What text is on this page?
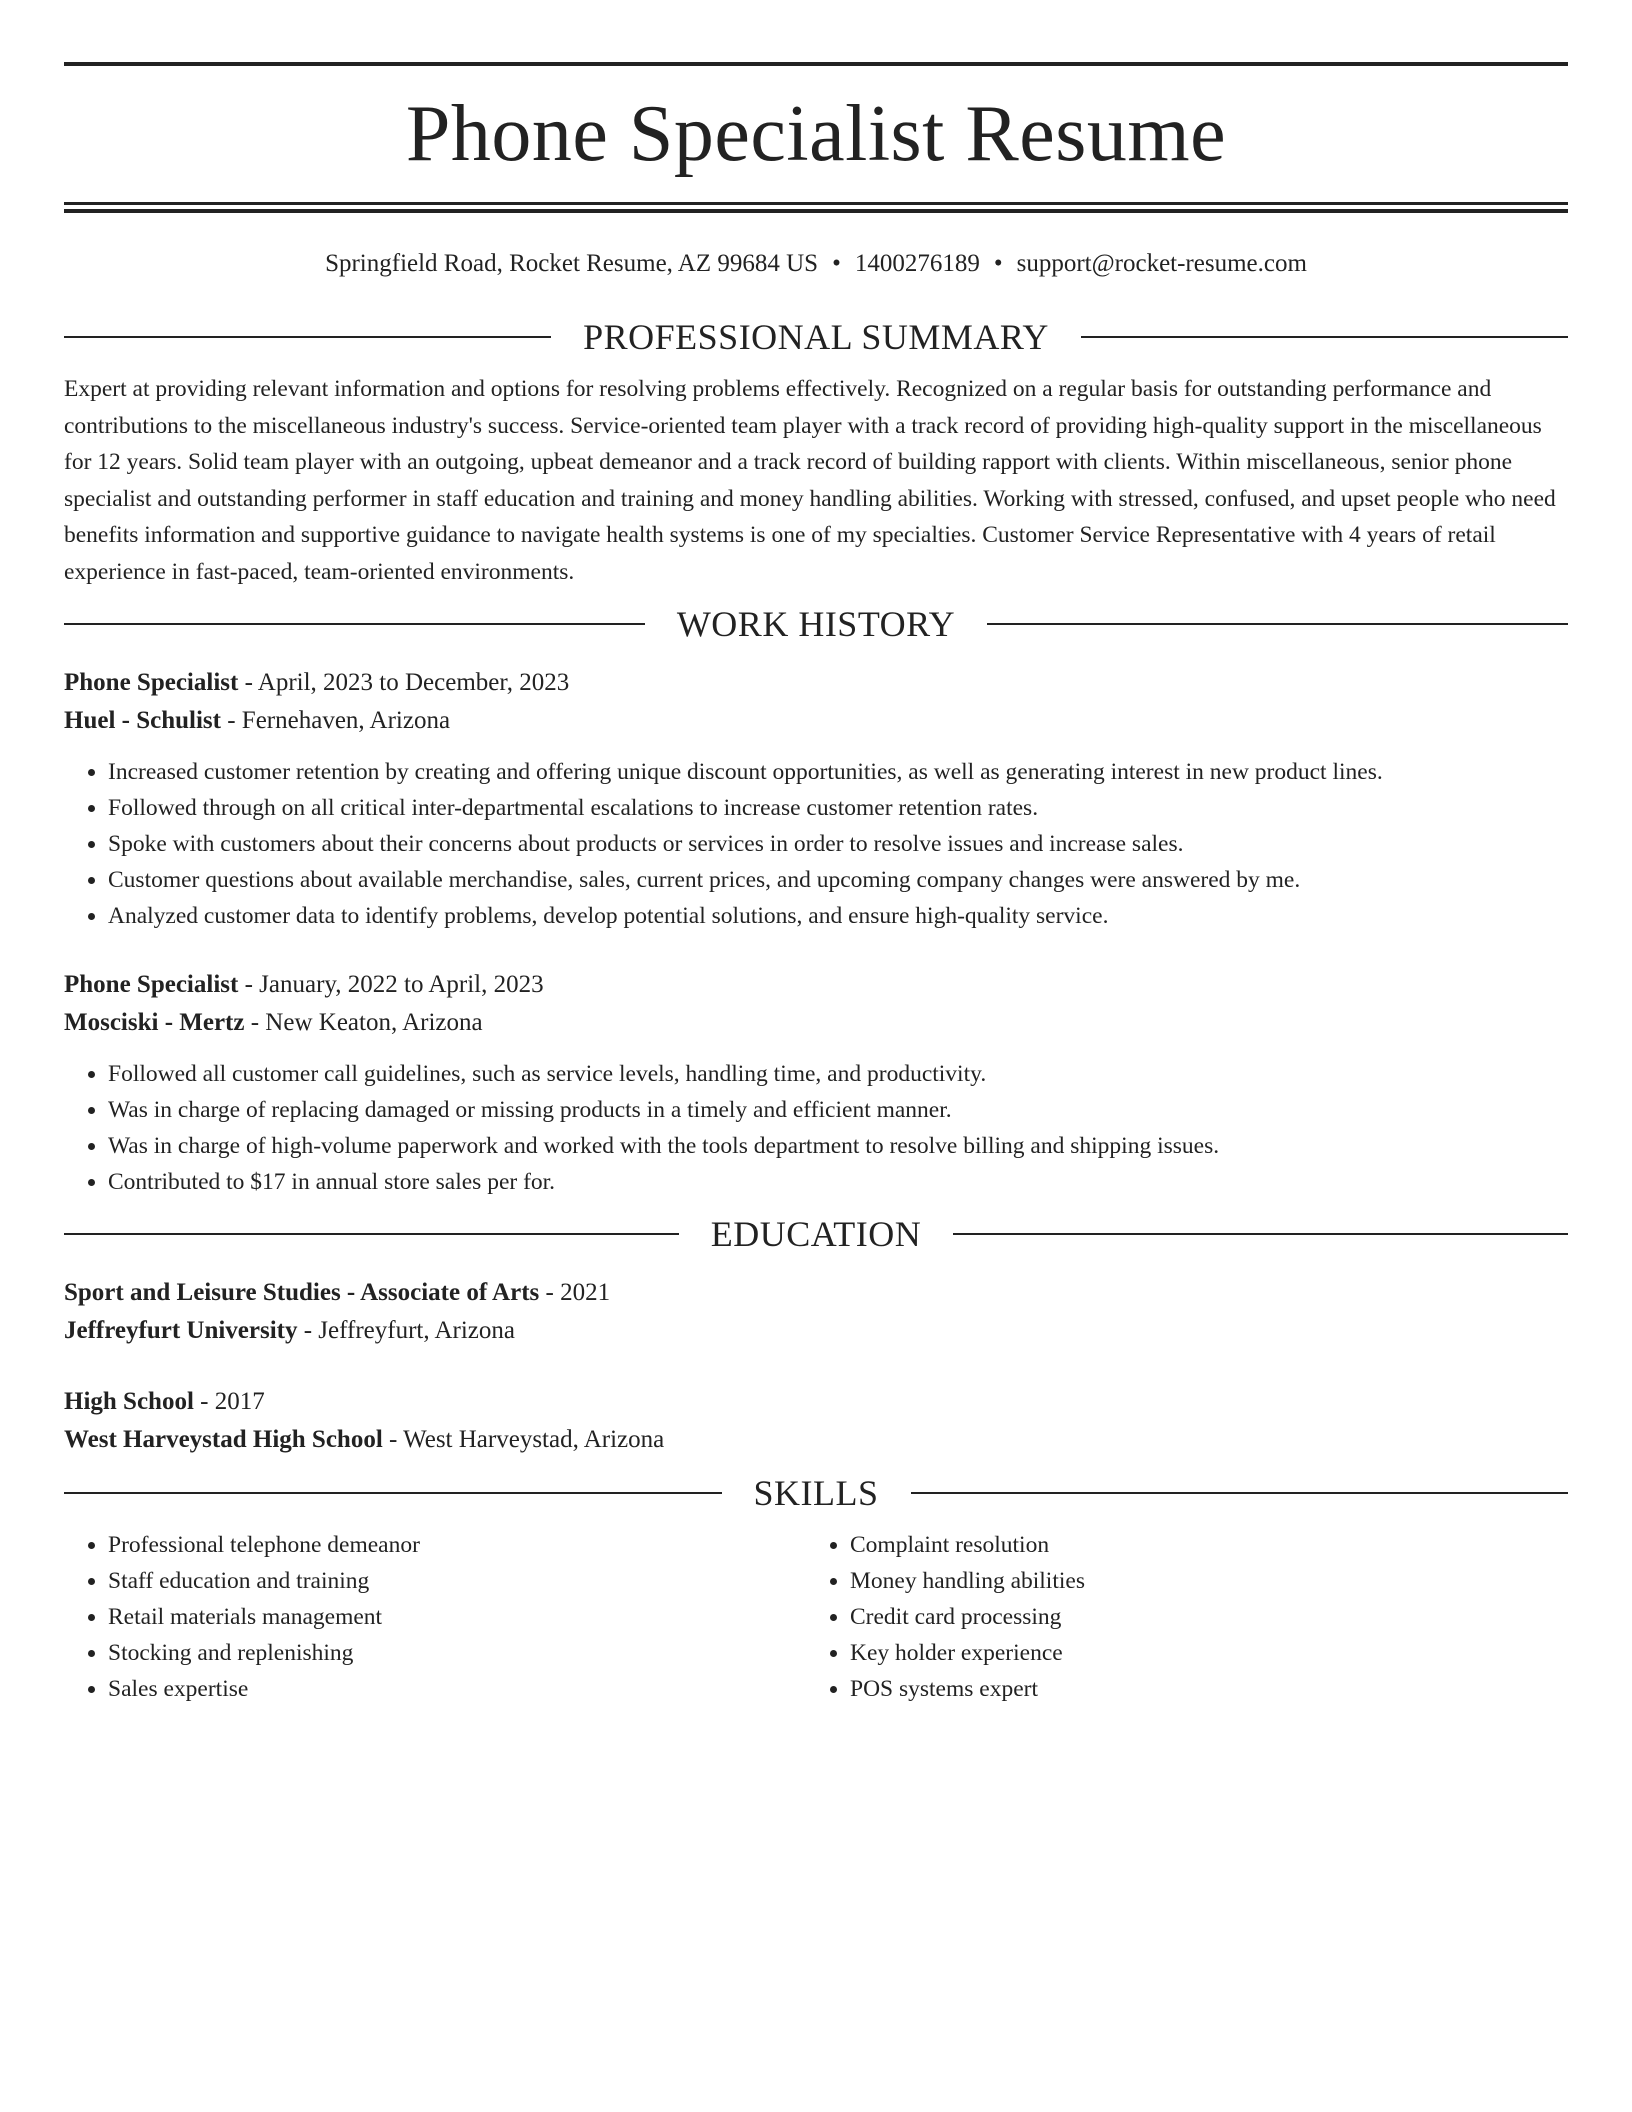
Phone Specialist Resume
Springfield Road, Rocket Resume, AZ 99684 US • 1400276189 • support@rocket-resume.com
PROFESSIONAL SUMMARY

Expert at providing relevant information and options for resolving problems effectively. Recognized on a regular basis for outstanding performance and contributions to the miscellaneous industry's success. Service-oriented team player with a track record of providing high-quality support in the miscellaneous for 12 years. Solid team player with an outgoing, upbeat demeanor and a track record of building rapport with clients. Within miscellaneous, senior phone specialist and outstanding performer in staff education and training and money handling abilities. Working with stressed, confused, and upset people who need benefits information and supportive guidance to navigate health systems is one of my specialties. Customer Service Representative with 4 years of retail experience in fast-paced, team-oriented environments.

WORK HISTORY
Phone Specialist - April, 2023 to December, 2023
Huel - Schulist - Fernehaven, Arizona
• Increased customer retention by creating and offering unique discount opportunities, as well as generating interest in new product lines.
• Followed through on all critical inter-departmental escalations to increase customer retention rates.
• Spoke with customers about their concerns about products or services in order to resolve issues and increase sales.
• Customer questions about available merchandise, sales, current prices, and upcoming company changes were answered by me.
• Analyzed customer data to identify problems, develop potential solutions, and ensure high-quality service.
Phone Specialist - January, 2022 to April, 2023
Mosciski - Mertz - New Keaton, Arizona
• Followed all customer call guidelines, such as service levels, handling time, and productivity.
• Was in charge of replacing damaged or missing products in a timely and efficient manner.
• Was in charge of high-volume paperwork and worked with the tools department to resolve billing and shipping issues.
• Contributed to $17 in annual store sales per for.
EDUCATION
Sport and Leisure Studies - Associate of Arts - 2021
Jeffreyfurt University - Jeffreyfurt, Arizona
High School - 2017
West Harveystad High School - West Harveystad, Arizona
SKILLS
• Professional telephone demeanor
• Staff education and training
• Retail materials management
• Stocking and replenishing
• Sales expertise
• Complaint resolution
• Money handling abilities
• Credit card processing
• Key holder experience
• POS systems expert
